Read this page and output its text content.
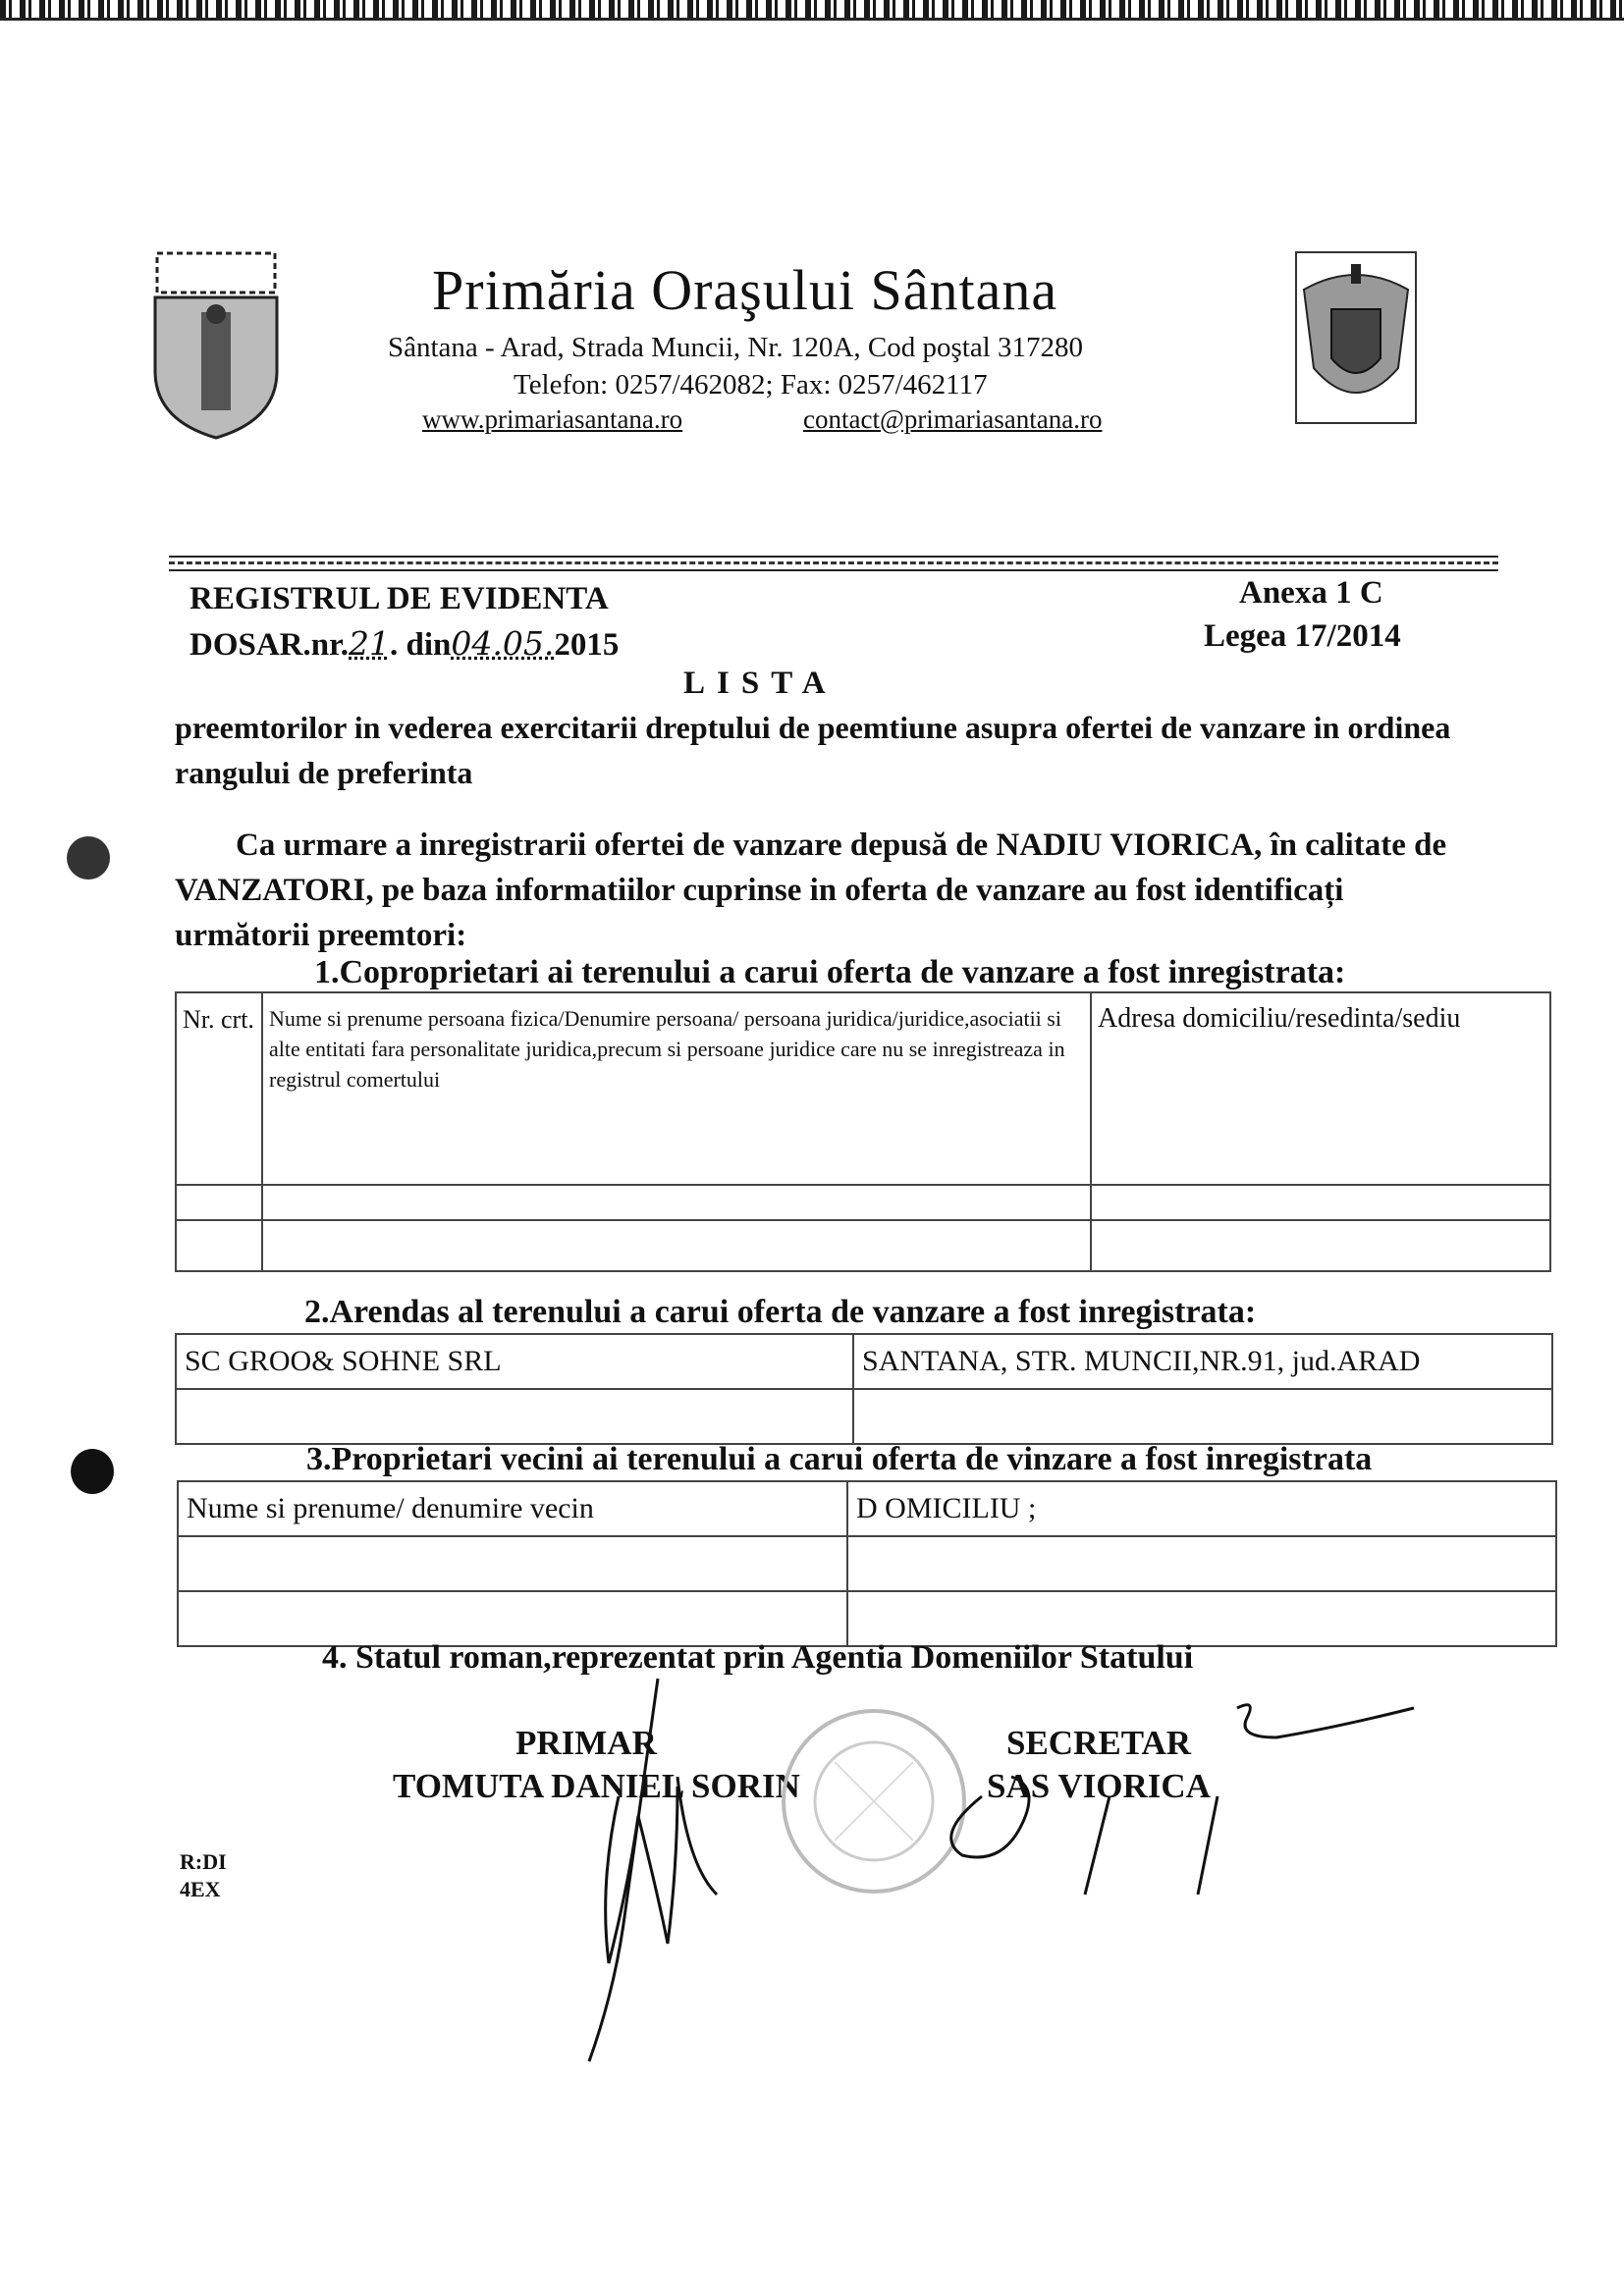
Primăria Oraşului Sântana
Sântana - Arad, Strada Muncii, Nr. 120A, Cod poştal 317280
Telefon: 0257/462082; Fax: 0257/462117
www.primariasantana.ro	contact@primariasantana.ro
REGISTRUL DE EVIDENTA
DOSAR.nr.21. din04.05.2015
Anexa 1 C
Legea 17/2014
LISTA
preemtorilor in vederea exercitarii dreptului de peemtiune asupra ofertei de vanzare in ordinea rangului de preferinta
Ca urmare a inregistrarii ofertei de vanzare depusă de NADIU VIORICA, în calitate de VANZATORI, pe baza informatiilor cuprinse in oferta de vanzare au fost identificați următorii preemtori:
1.Coproprietari ai terenului a carui oferta de vanzare a fost inregistrata:
Nr. crt.	Nume si prenume persoana fizica/Denumire persoana/ persoana juridica/juridice,asociatii si alte entitati fara personalitate juridica,precum si persoane juridice care nu se inregistreaza in registrul comertului	Adresa domiciliu/resedinta/sediu

2.Arendas al terenului a carui oferta de vanzare a fost inregistrata:
SC GROO& SOHNE SRL	SANTANA, STR. MUNCII,NR.91, jud.ARAD

3.Proprietari vecini ai terenului a carui oferta de vinzare a fost inregistrata
Nume si prenume/ denumire vecin	D OMICILIU ;

4. Statul roman,reprezentat prin Agentia Domeniilor Statului
PRIMAR
TOMUTA DANIEL SORIN
SECRETAR
SAS VIORICA
R:DI
4EX
